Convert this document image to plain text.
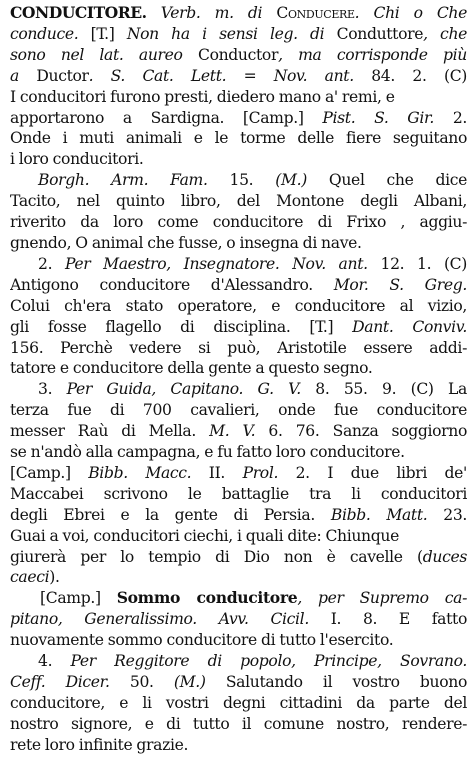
CONDUCITORE. Verb. m. di Conducere. Chi o Che
conduce. [T.] Non ha i sensi leg. di Conduttore, che
sono nel lat. aureo Conductor, ma corrisponde più
a Ductor. S. Cat. Lett. = Nov. ant. 84. 2. (C)
I conducitori furono presti, diedero mano a' remi, e
apportarono a Sardigna. [Camp.] Pist. S. Gir. 2.
Onde i muti animali e le torme delle fiere seguitano
i loro conducitori.
Borgh. Arm. Fam. 15. (M.) Quel che dice
Tacito, nel quinto libro, del Montone degli Albani,
riverito da loro come conducitore di Frixo , aggiu-
gnendo, O animal che fusse, o insegna di nave.
2. Per Maestro, Insegnatore. Nov. ant. 12. 1. (C)
Antigono conducitore d'Alessandro. Mor. S. Greg.
Colui ch'era stato operatore, e conducitore al vizio,
gli fosse flagello di disciplina. [T.] Dant. Conviv.
156. Perchè vedere si può, Aristotile essere addi-
tatore e conducitore della gente a questo segno.
3. Per Guida, Capitano. G. V. 8. 55. 9. (C) La
terza fue di 700 cavalieri, onde fue conducitore
messer Raù di Mella. M. V. 6. 76. Sanza soggiorno
se n'andò alla campagna, e fu fatto loro conducitore.
[Camp.] Bibb. Macc. II. Prol. 2. I due libri de'
Maccabei scrivono le battaglie tra li conducitori
degli Ebrei e la gente di Persia. Bibb. Matt. 23.
Guai a voi, conducitori ciechi, i quali dite: Chiunque
giurerà per lo tempio di Dio non è cavelle (duces
caeci).
[Camp.] Sommo conducitore, per Supremo ca-
pitano, Generalissimo. Avv. Cicil. I. 8. E fatto
nuovamente sommo conducitore di tutto l'esercito.
4. Per Reggitore di popolo, Principe, Sovrano.
Ceff. Dicer. 50. (M.) Salutando il vostro buono
conducitore, e li vostri degni cittadini da parte del
nostro signore, e di tutto il comune nostro, rendere-
rete loro infinite grazie.
